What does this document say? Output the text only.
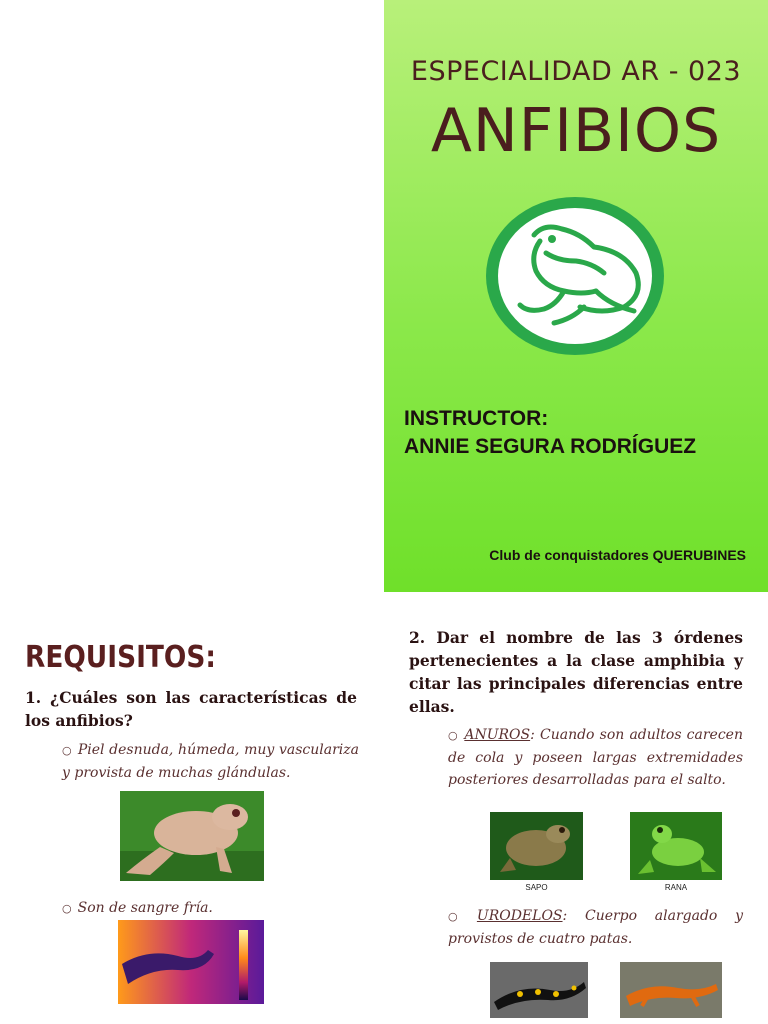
ESPECIALIDAD AR - 023
ANFIBIOS
INSTRUCTOR:
ANNIE SEGURA RODRÍGUEZ
Club de conquistadores QUERUBINES
REQUISITOS:
1. ¿Cuáles son las características de los anfibios?
○ Piel desnuda, húmeda, muy vasculariza y provista de muchas glándulas.
○ Son de sangre fría.
2. Dar el nombre de las 3 órdenes pertenecientes a la clase amphibia y citar las principales diferencias entre ellas.
○ ANUROS: Cuando son adultos carecen de cola y poseen largas extremidades posteriores desarrolladas para el salto.
SAPO	RANA
○ URODELOS: Cuerpo alargado y provistos de cuatro patas.
